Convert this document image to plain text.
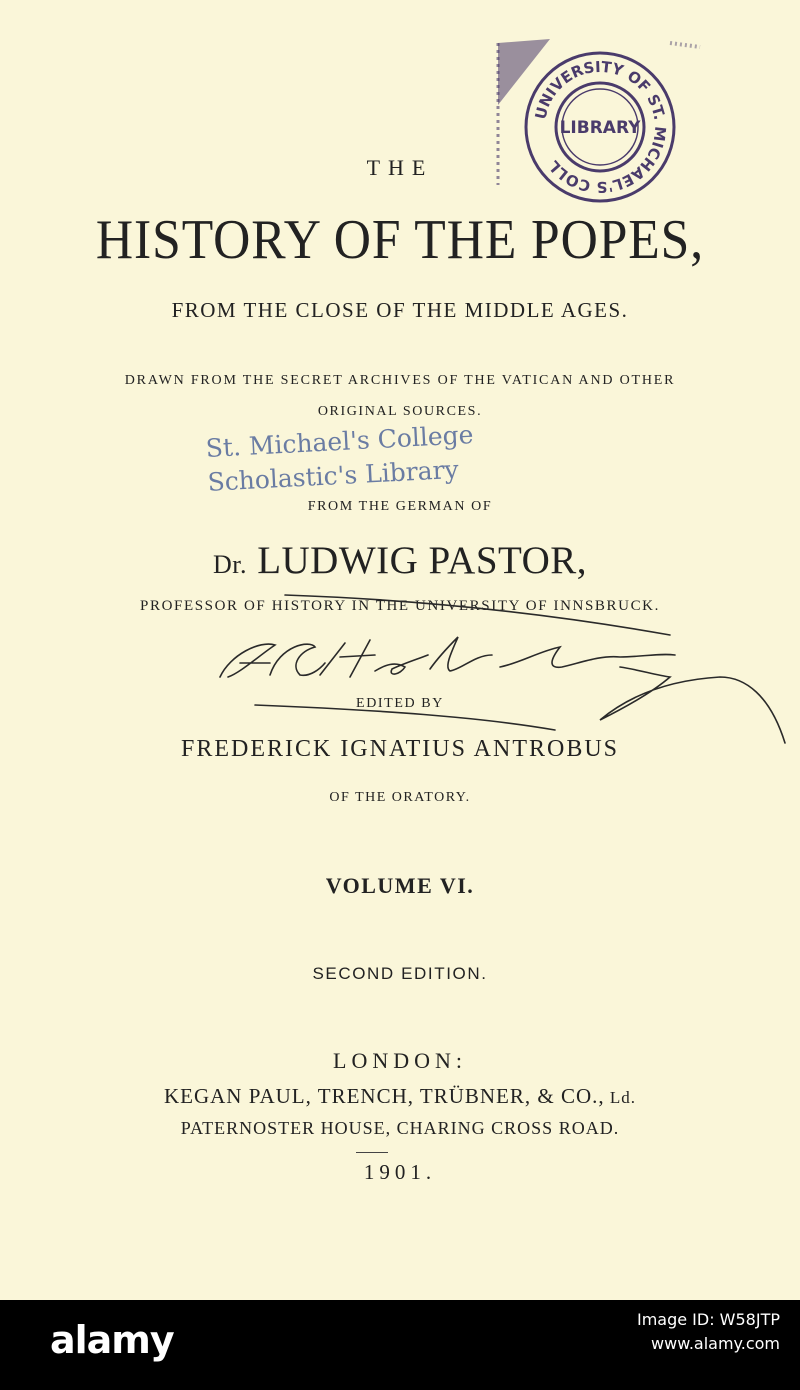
THE
HISTORY OF THE POPES,
FROM THE CLOSE OF THE MIDDLE AGES.
DRAWN FROM THE SECRET ARCHIVES OF THE VATICAN AND OTHER
ORIGINAL SOURCES.
St. Michael's College
Scholastic's Library
FROM THE GERMAN OF
Dr. LUDWIG PASTOR,
PROFESSOR OF HISTORY IN THE UNIVERSITY OF INNSBRUCK.
EDITED BY
FREDERICK IGNATIUS ANTROBUS
OF THE ORATORY.
VOLUME VI.
SECOND EDITION.
LONDON:
KEGAN PAUL, TRENCH, TRÜBNER, & CO., Ld.
PATERNOSTER HOUSE, CHARING CROSS ROAD.
1901.
UNIVERSITY OF ST. MICHAEL'S COLL
LIBRARY
alamy	Image ID: W58JTP
www.alamy.com
